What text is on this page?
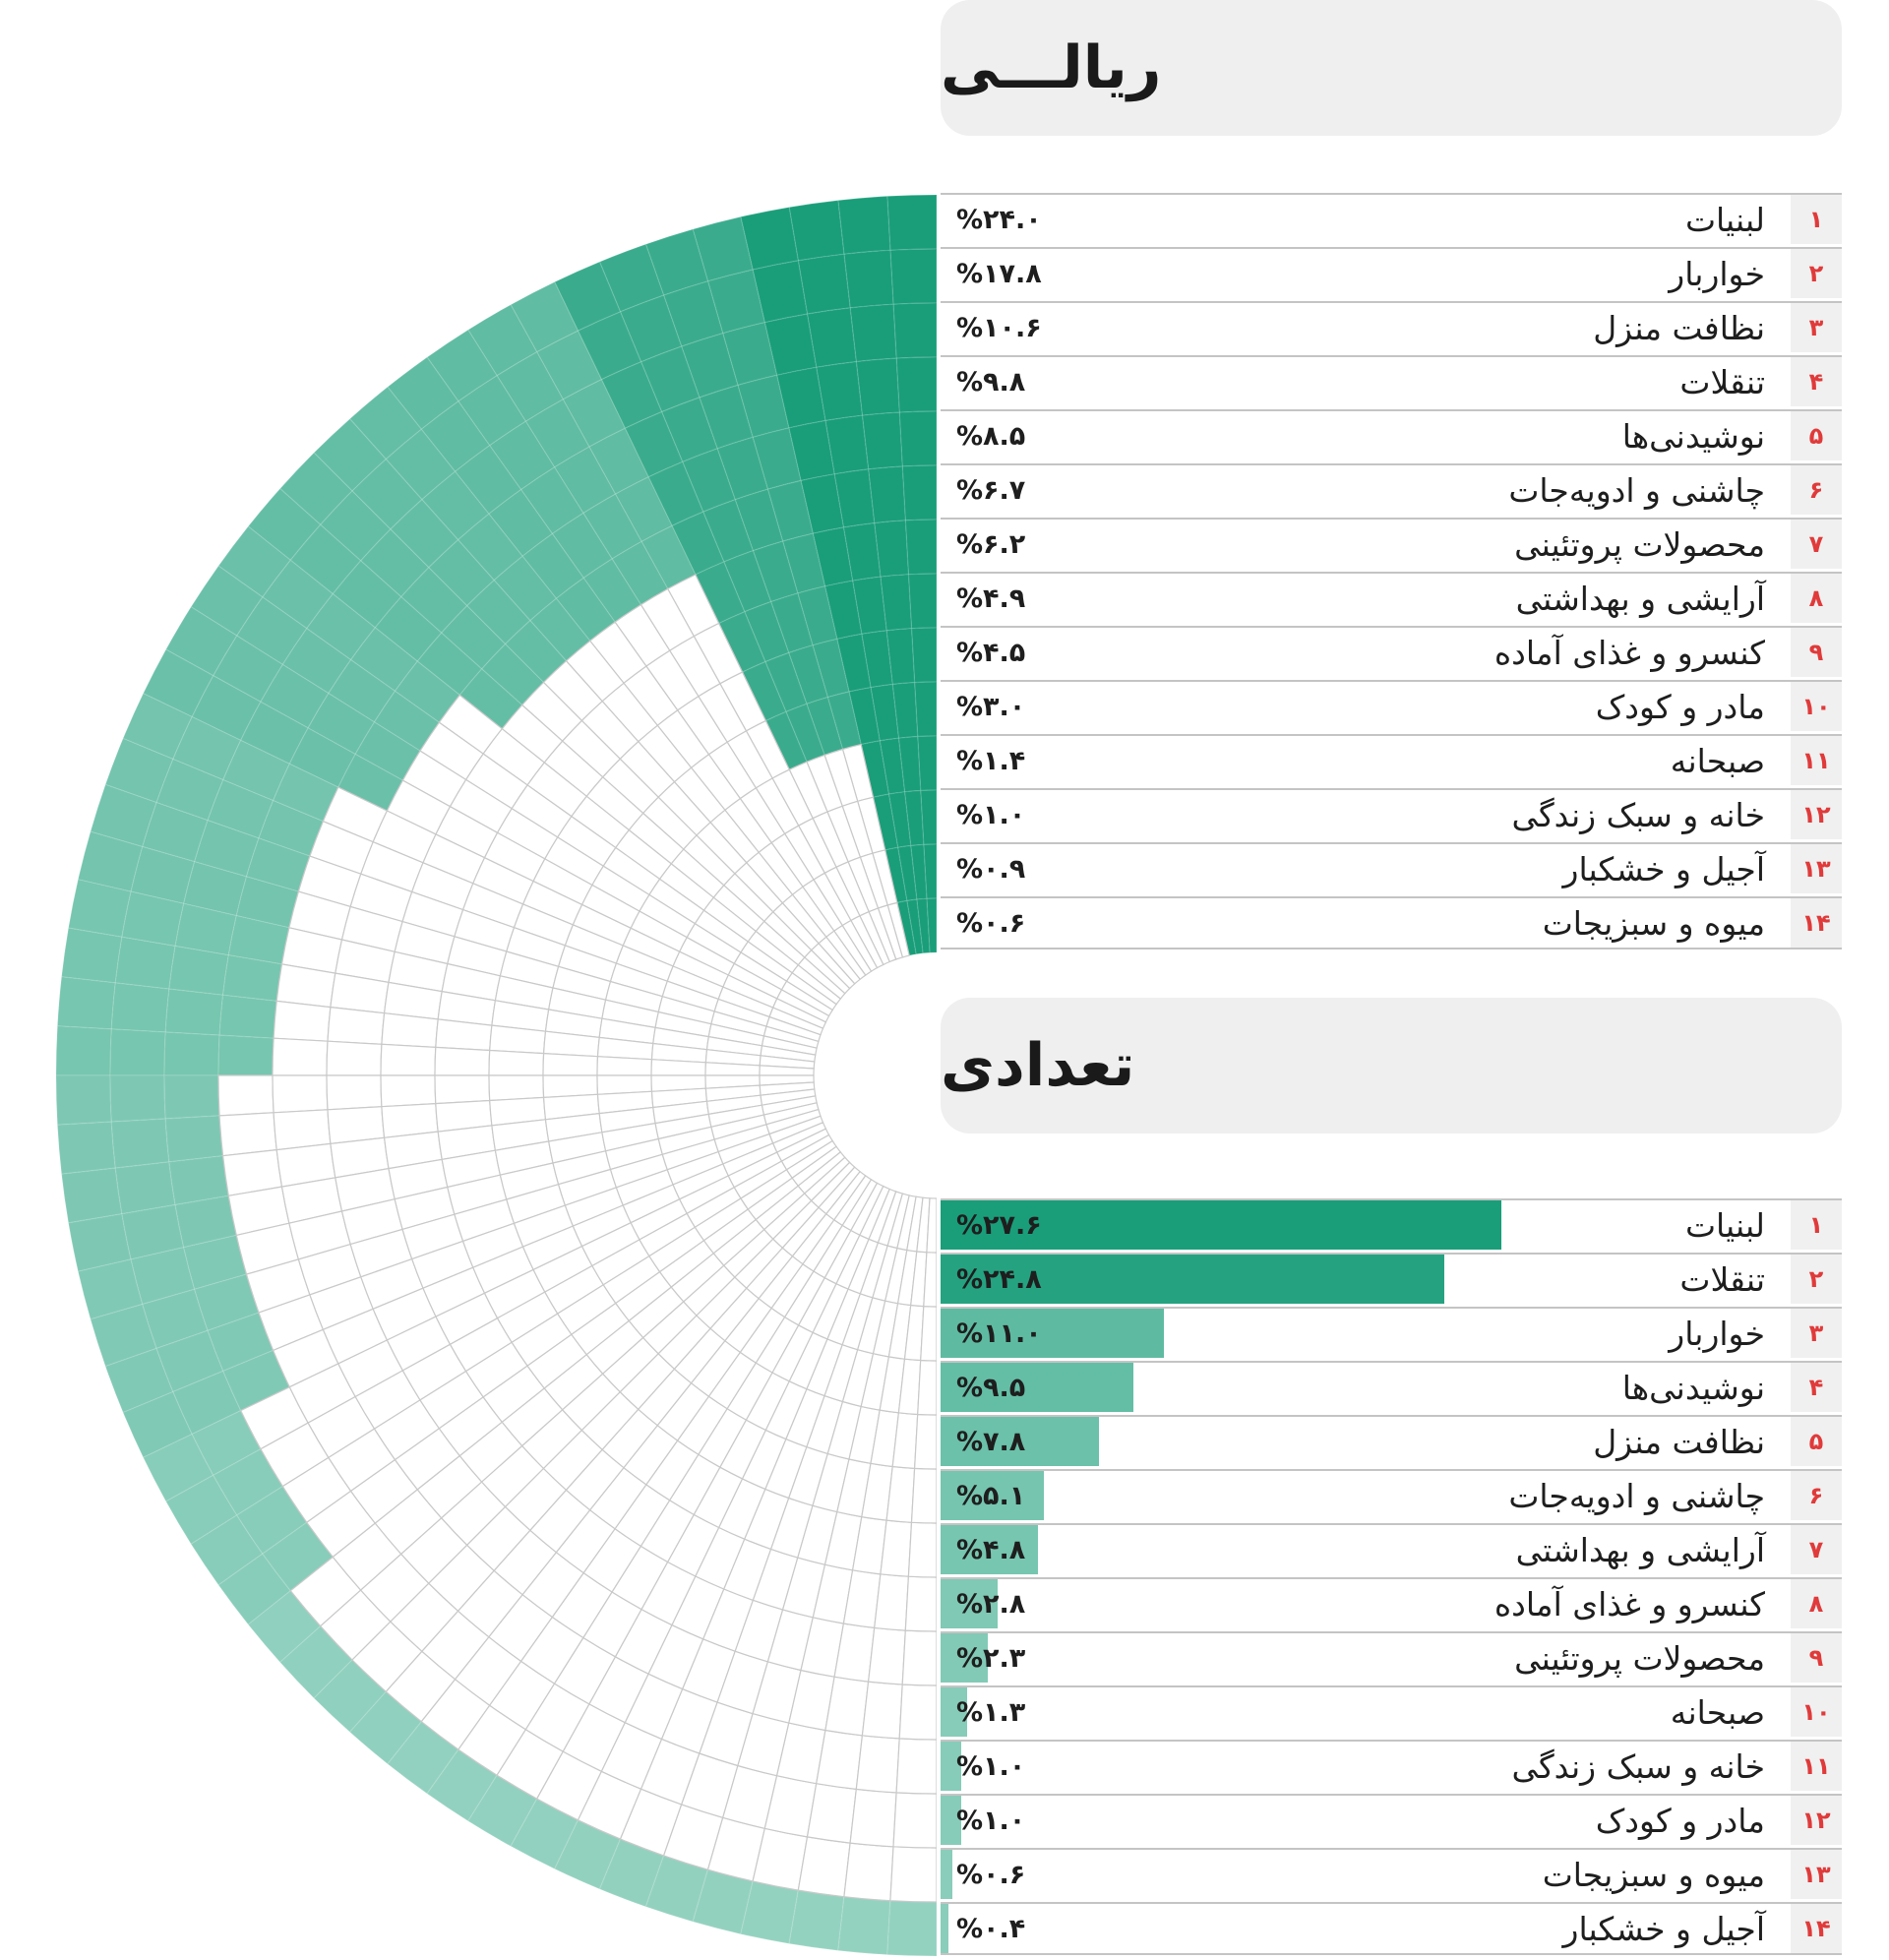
ریالـــی
%۲۴.۰	لبنیات	۱
%۱۷.۸	خواربار	۲
%۱۰.۶	نظافت منزل	۳
%۹.۸	تنقلات	۴
%۸.۵	نوشیدنی‌ها	۵
%۶.۷	چاشنی و ادویه‌جات	۶
%۶.۲	محصولات پروتئینی	۷
%۴.۹	آرایشی و بهداشتی	۸
%۴.۵	کنسرو و غذای آماده	۹
%۳.۰	مادر و کودک	۱۰
%۱.۴	صبحانه	۱۱
%۱.۰	خانه و سبک زندگی	۱۲
%۰.۹	آجیل و خشکبار	۱۳
%۰.۶	میوه و سبزیجات	۱۴
تعدادی
%۲۷.۶	لبنیات	۱
%۲۴.۸	تنقلات	۲
%۱۱.۰	خواربار	۳
%۹.۵	نوشیدنی‌ها	۴
%۷.۸	نظافت منزل	۵
%۵.۱	چاشنی و ادویه‌جات	۶
%۴.۸	آرایشی و بهداشتی	۷
%۲.۸	کنسرو و غذای آماده	۸
%۲.۳	محصولات پروتئینی	۹
%۱.۳	صبحانه	۱۰
%۱.۰	خانه و سبک زندگی	۱۱
%۱.۰	مادر و کودک	۱۲
%۰.۶	میوه و سبزیجات	۱۳
%۰.۴	آجیل و خشکبار	۱۴
